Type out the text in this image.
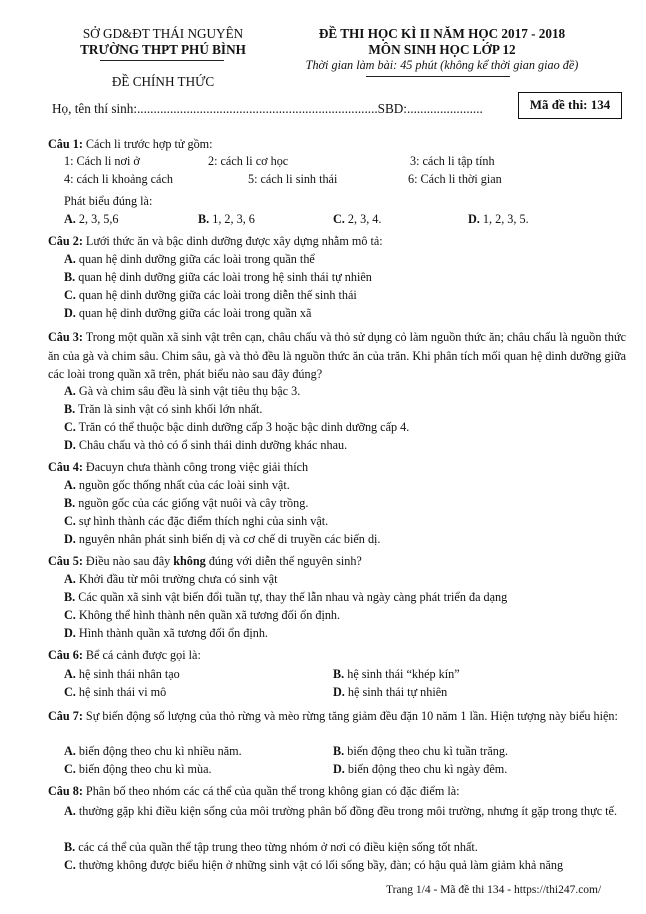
SỞ GD&ĐT THÁI NGUYÊN
TRƯỜNG THPT PHÚ BÌNH
ĐỀ CHÍNH THỨC
ĐỀ THI HỌC KÌ II NĂM HỌC 2017 - 2018
MÔN SINH HỌC LỚP 12
Thời gian làm bài: 45 phút (không kể thời gian giao đề)
Họ, tên thí sinh:.........................................................................SBD:.......................	Mã đề thi: 134
Câu 1: Cách li trước hợp tử gồm:
1: Cách li nơi ở	2: cách li cơ học	3: cách li tập tính
4: cách li khoảng cách	5: cách li sinh thái	6: Cách li thời gian
Phát biểu đúng là:
A. 2, 3, 5,6	B. 1, 2, 3, 6	C. 2, 3, 4.	D. 1, 2, 3, 5.
Câu 2: Lưới thức ăn và bậc dinh dưỡng được xây dựng nhằm mô tả:
A. quan hệ dinh dưỡng giữa các loài trong quần thể
B. quan hệ dinh dưỡng giữa các loài trong hệ sinh thái tự nhiên
C. quan hệ dinh dưỡng giữa các loài trong diễn thế sinh thái
D. quan hệ dinh dưỡng giữa các loài trong quần xã
Câu 3: Trong một quần xã sinh vật trên cạn, châu chấu và thỏ sử dụng cỏ làm nguồn thức ăn; châu chấu là nguồn thức ăn của gà và chim sâu. Chim sâu, gà và thỏ đều là nguồn thức ăn của trăn. Khi phân tích mối quan hệ dinh dưỡng giữa các loài trong quần xã trên, phát biểu nào sau đây đúng?
A. Gà và chim sâu đều là sinh vật tiêu thụ bậc 3.
B. Trăn là sinh vật có sinh khối lớn nhất.
C. Trăn có thể thuộc bậc dinh dưỡng cấp 3 hoặc bậc dinh dưỡng cấp 4.
D. Châu chấu và thỏ có ổ sinh thái dinh dưỡng khác nhau.
Câu 4: Đacuyn chưa thành công trong việc giải thích
A. nguồn gốc thống nhất của các loài sinh vật.
B. nguồn gốc của các giống vật nuôi và cây trồng.
C. sự hình thành các đặc điểm thích nghi của sinh vật.
D. nguyên nhân phát sinh biến dị và cơ chế di truyền các biến dị.
Câu 5: Điều nào sau đây không đúng với diễn thế nguyên sinh?
A. Khởi đầu từ môi trường chưa có sinh vật
B. Các quần xã sinh vật biến đổi tuần tự, thay thế lẫn nhau và ngày càng phát triển đa dạng
C. Không thể hình thành nên quần xã tương đối ổn định.
D. Hình thành quần xã tương đối ổn định.
Câu 6: Bể cá cảnh được gọi là:
A. hệ sinh thái nhân tạo	B. hệ sinh thái “khép kín”
C. hệ sinh thái vi mô	D. hệ sinh thái tự nhiên
Câu 7: Sự biến động số lượng của thỏ rừng và mèo rừng tăng giảm đều đặn 10 năm 1 lần. Hiện tượng này biểu hiện:
A. biến động theo chu kì nhiều năm.	B. biến động theo chu kì tuần trăng.
C. biến động theo chu kì mùa.	D. biến động theo chu kì ngày đêm.
Câu 8: Phân bố theo nhóm các cá thể của quần thể trong không gian có đặc điểm là:
A. thường gặp khi điều kiện sống của môi trường phân bố đồng đều trong môi trường, nhưng ít gặp trong thực tế.
B. các cá thể của quần thể tập trung theo từng nhóm ở nơi có điều kiện sống tốt nhất.
C. thường không được biểu hiện ở những sinh vật có lối sống bầy, đàn; có hậu quả làm giảm khả năng
Trang 1/4 - Mã đề thi 134 - https://thi247.com/
